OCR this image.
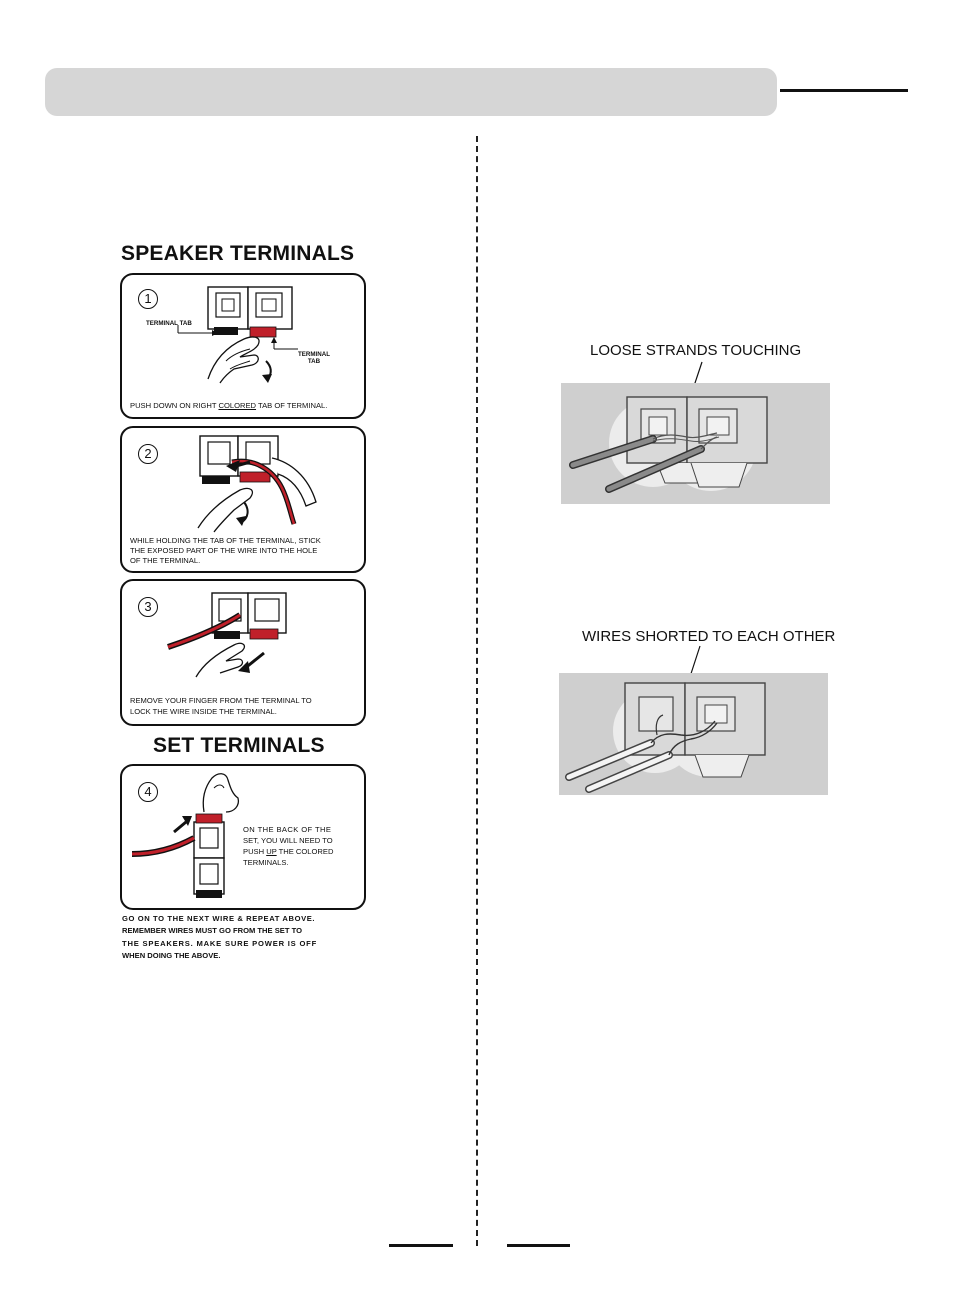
SPEAKER TERMINALS
1
TERMINAL TAB
TERMINAL
TAB
PUSH DOWN ON RIGHT COLORED TAB OF TERMINAL.
2
WHILE HOLDING THE TAB OF THE TERMINAL, STICK
THE EXPOSED PART OF THE WIRE INTO THE HOLE
OF THE TERMINAL.
3
REMOVE YOUR FINGER FROM THE TERMINAL TO
LOCK THE WIRE INSIDE THE TERMINAL.
SET TERMINALS
4
ON THE BACK OF THE
SET, YOU WILL NEED TO
PUSH UP THE COLORED
TERMINALS.
GO ON TO THE NEXT WIRE & REPEAT ABOVE.
REMEMBER WIRES MUST GO FROM THE SET TO
THE SPEAKERS. MAKE SURE POWER IS OFF
WHEN DOING THE ABOVE.
LOOSE STRANDS TOUCHING
WIRES SHORTED TO EACH OTHER
